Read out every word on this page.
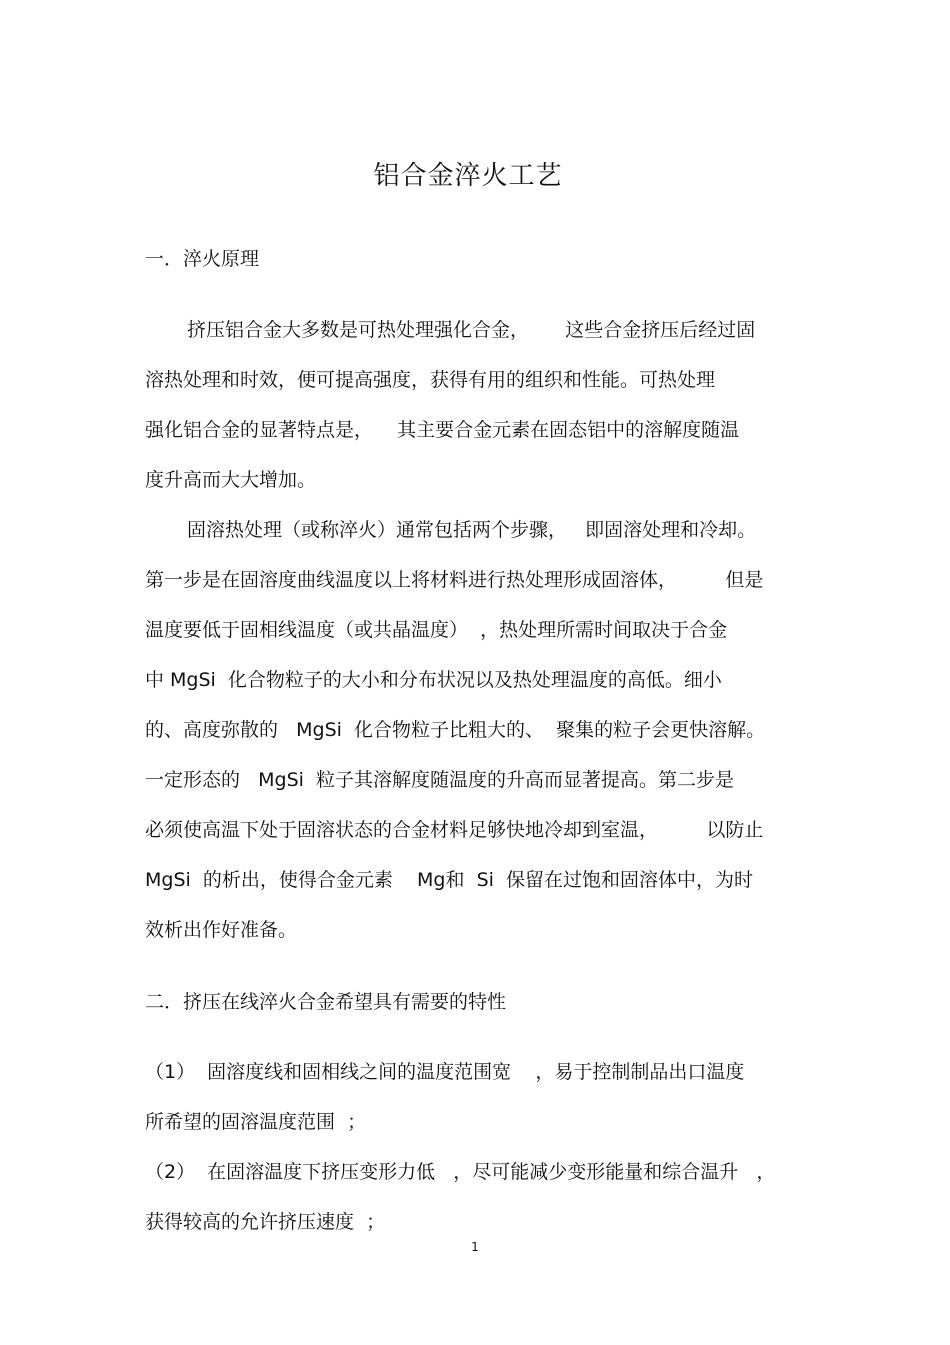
铝合金淬火工艺
一．淬火原理
挤压铝合金大多数是可热处理强化合金，      这些合金挤压后经过固
溶热处理和时效，便可提高强度，获得有用的组织和性能。可热处理
强化铝合金的显著特点是，    其主要合金元素在固态铝中的溶解度随温
度升高而大大增加。
固溶热处理（或称淬火）通常包括两个步骤，   即固溶处理和冷却。
第一步是在固溶度曲线温度以上将材料进行热处理形成固溶体，        但是
温度要低于固相线温度（或共晶温度）  ，热处理所需时间取决于合金
中 MgSi  化合物粒子的大小和分布状况以及热处理温度的高低。细小
的、高度弥散的   MgSi  化合物粒子比粗大的、  聚集的粒子会更快溶解。
一定形态的   MgSi  粒子其溶解度随温度的升高而显著提高。第二步是
必须使高温下处于固溶状态的合金材料足够快地冷却到室温，        以防止
MgSi  的析出，使得合金元素    Mg和  Si  保留在过饱和固溶体中，为时
效析出作好准备。
二．挤压在线淬火合金希望具有需要的特性
（1）  固溶度线和固相线之间的温度范围宽    ，易于控制制品出口温度
所希望的固溶温度范围  ；
（2）  在固溶温度下挤压变形力低   ，尽可能减少变形能量和综合温升   ，
获得较高的允许挤压速度  ；
1
